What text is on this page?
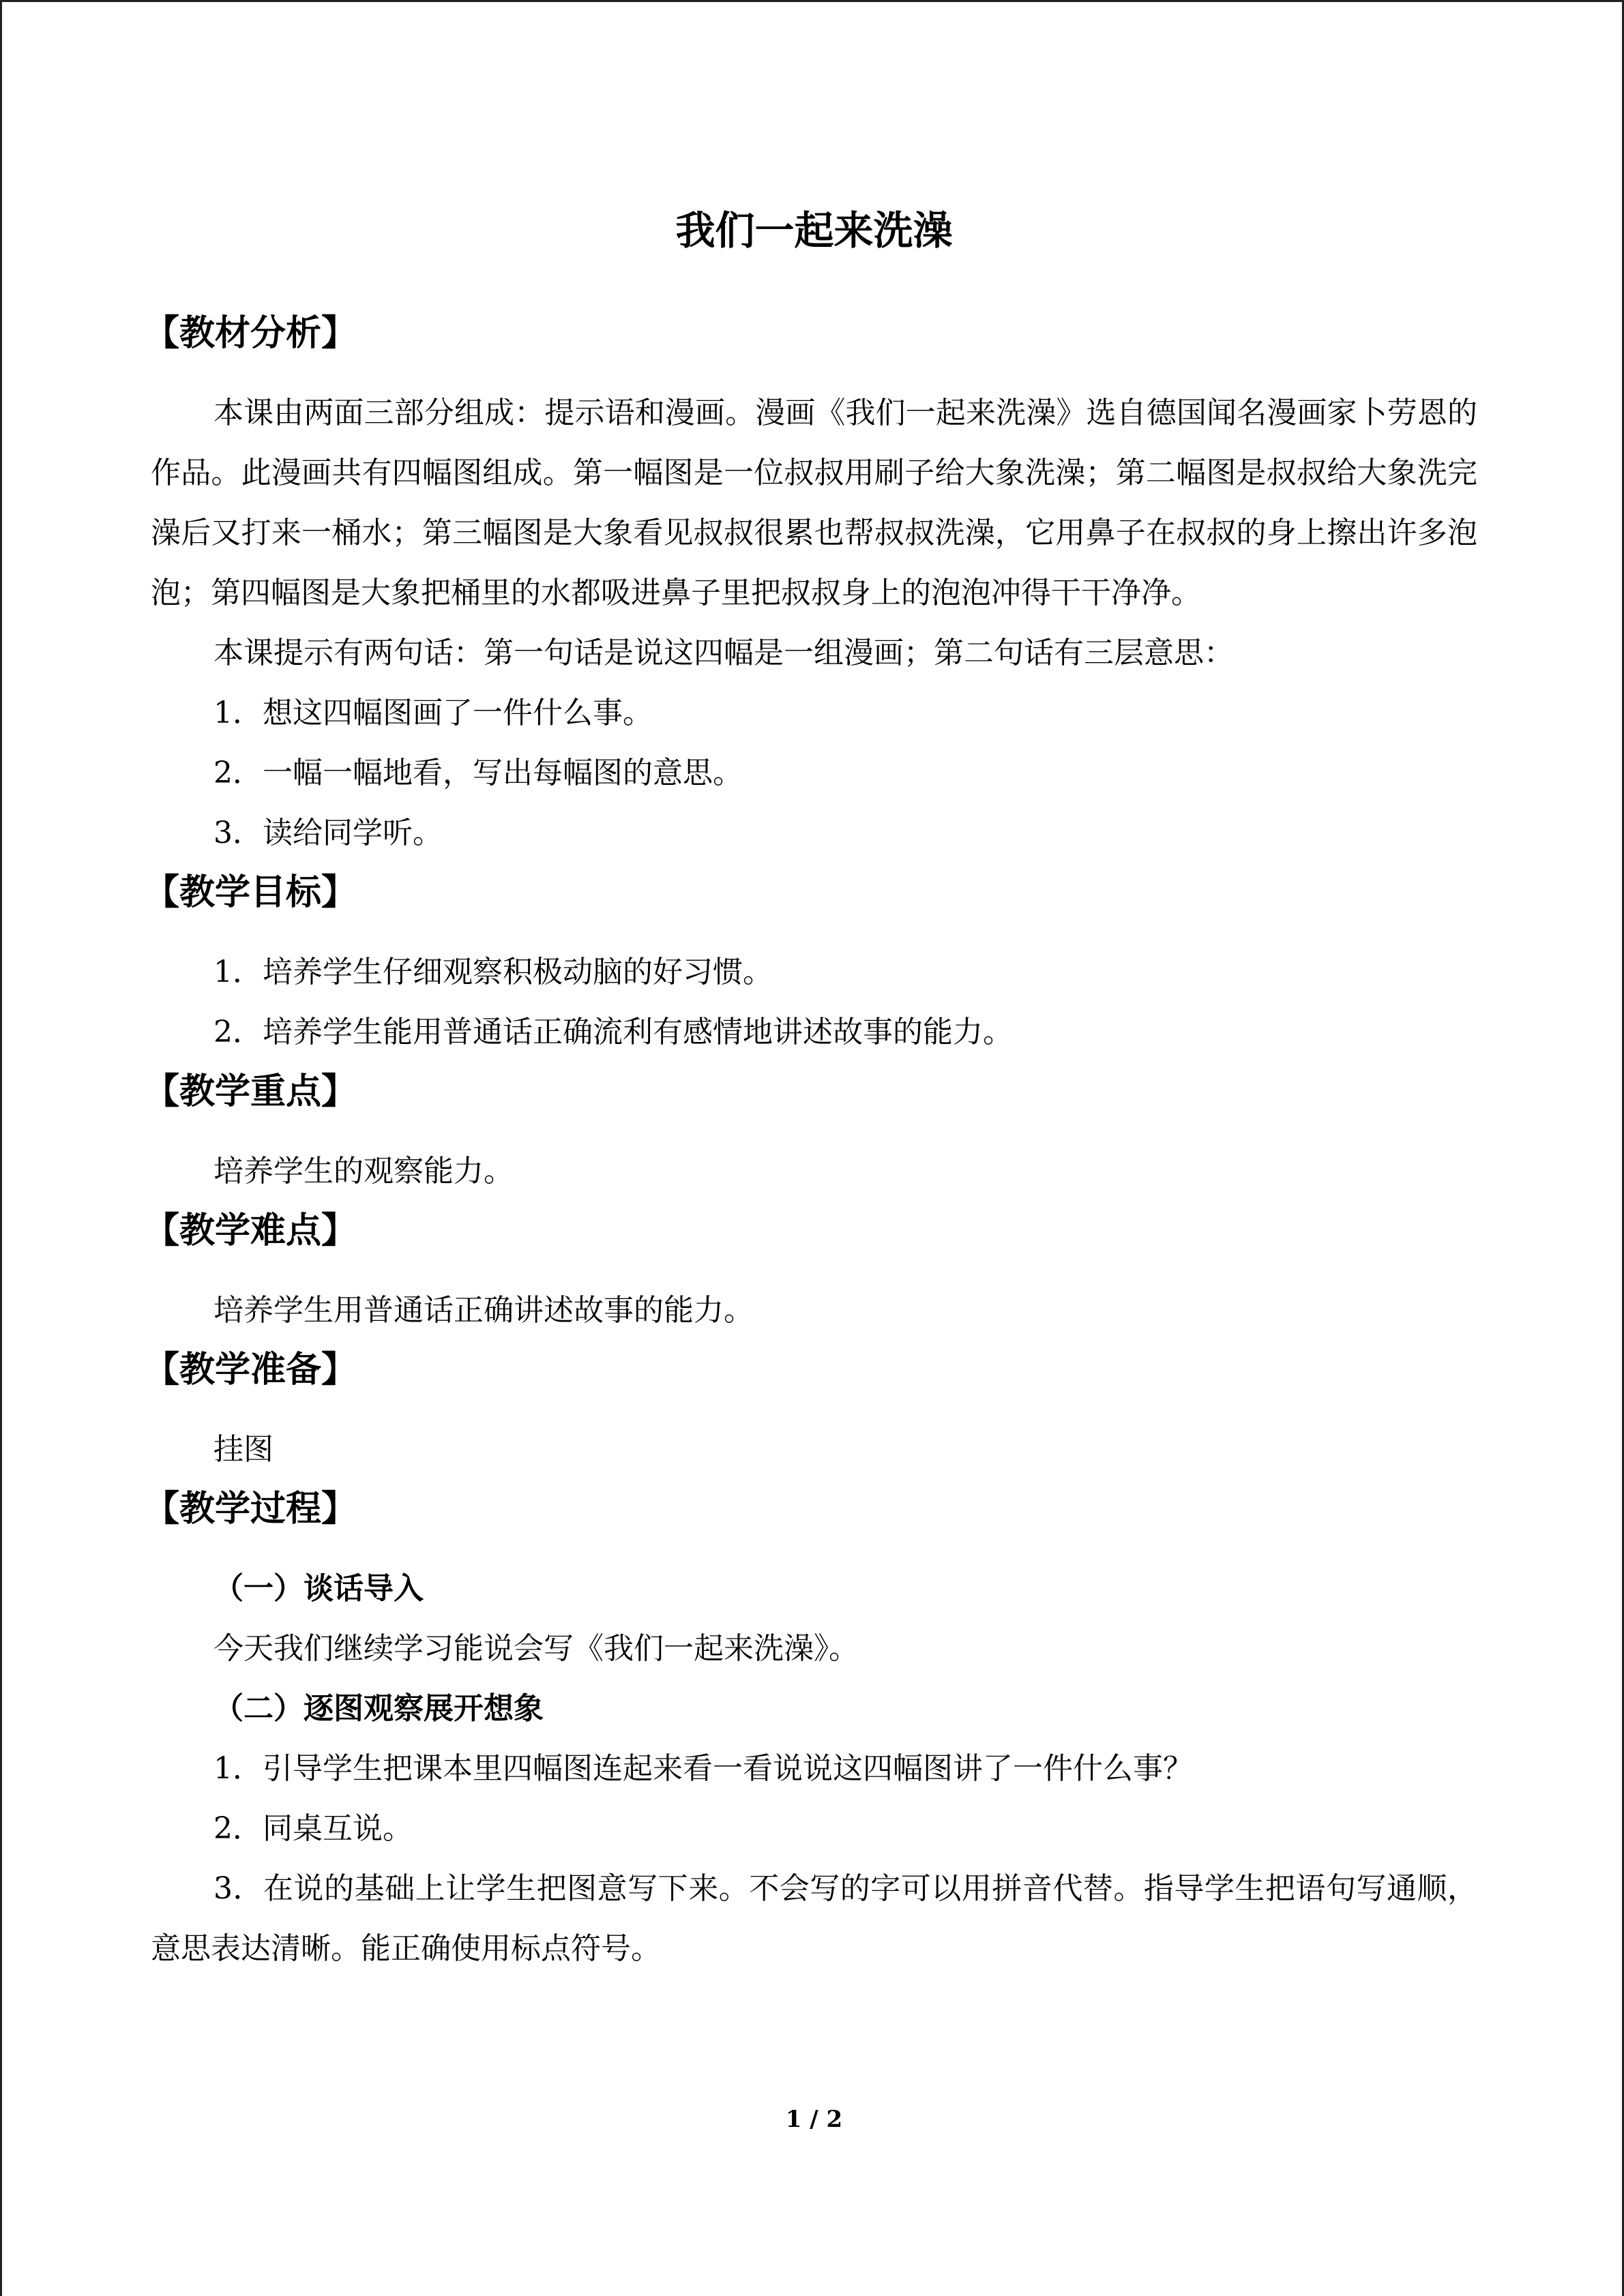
我们一起来洗澡
【教材分析】

本课由两面三部分组成：提示语和漫画。漫画《我们一起来洗澡》选自德国闻名漫画家卜劳恩的作品。此漫画共有四幅图组成。第一幅图是一位叔叔用刷子给大象洗澡；第二幅图是叔叔给大象洗完澡后又打来一桶水；第三幅图是大象看见叔叔很累也帮叔叔洗澡，它用鼻子在叔叔的身上擦出许多泡泡；第四幅图是大象把桶里的水都吸进鼻子里把叔叔身上的泡泡冲得干干净净。

本课提示有两句话：第一句话是说这四幅是一组漫画；第二句话有三层意思：

1．想这四幅图画了一件什么事。
2．一幅一幅地看，写出每幅图的意思。
3．读给同学听。
【教学目标】
1．培养学生仔细观察积极动脑的好习惯。
2．培养学生能用普通话正确流利有感情地讲述故事的能力。
【教学重点】
培养学生的观察能力。
【教学难点】
培养学生用普通话正确讲述故事的能力。
【教学准备】
挂图
【教学过程】
（一）谈话导入
今天我们继续学习能说会写《我们一起来洗澡》。
（二）逐图观察展开想象
1．引导学生把课本里四幅图连起来看一看说说这四幅图讲了一件什么事？
2．同桌互说。

3．在说的基础上让学生把图意写下来。不会写的字可以用拼音代替。指导学生把语句写通顺，意思表达清晰。能正确使用标点符号。

1 / 2
